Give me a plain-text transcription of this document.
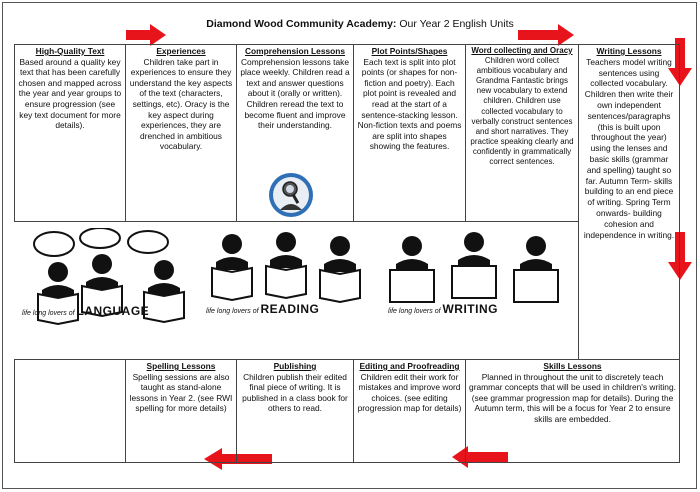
Diamond Wood Community Academy: Our Year 2 English Units
High-Quality Text
Based around a quality key text that has been carefully chosen and mapped across the year and year groups to ensure progression (see key text document for more details).
Experiences
Children take part in experiences to ensure they understand the key aspects of the text (characters, settings, etc). Oracy is the key aspect during experiences, they are drenched in ambitious vocabulary.
Comprehension Lessons
Comprehension lessons take place weekly. Children read a text and answer questions about it (orally or written). Children reread the text to become fluent and improve their understanding.
Plot Points/Shapes
Each text is split into plot points (or shapes for non-fiction and poetry). Each plot point is revealed and read at the start of a sentence-stacking lesson. Non-fiction texts and poems are split into shapes showing the features.
Word collecting and Oracy
Children word collect ambitious vocabulary and Grandma Fantastic brings new vocabulary to extend children. Children use collected vocabulary to verbally construct sentences and short narratives. They practice speaking clearly and confidently in grammatically correct sentences.
Writing Lessons
Teachers model writing sentences using collected vocabulary. Children then write their own independent sentences/paragraphs (this is built upon throughout the year) using the lenses and basic skills (grammar and spelling) taught so far. Autumn Term- skills building to an end piece of writing. Spring Term onwards- building cohesion and independence in writing.
life long lovers of LANGUAGE	life long lovers of READING	life long lovers of WRITING
Spelling Lessons
Spelling sessions are also taught as stand-alone lessons in Year 2. (see RWI spelling for more details)
Publishing
Children publish their edited final piece of writing. It is published in a class book for others to read.
Editing and Proofreading
Children edit their work for mistakes and improve word choices. (see editing progression map for details)
Skills Lessons
Planned in throughout the unit to discretely teach grammar concepts that will be used in children's writing. (see grammar progression map for details). During the Autumn term, this will be a focus for Year 2 to ensure skills are embedded.
